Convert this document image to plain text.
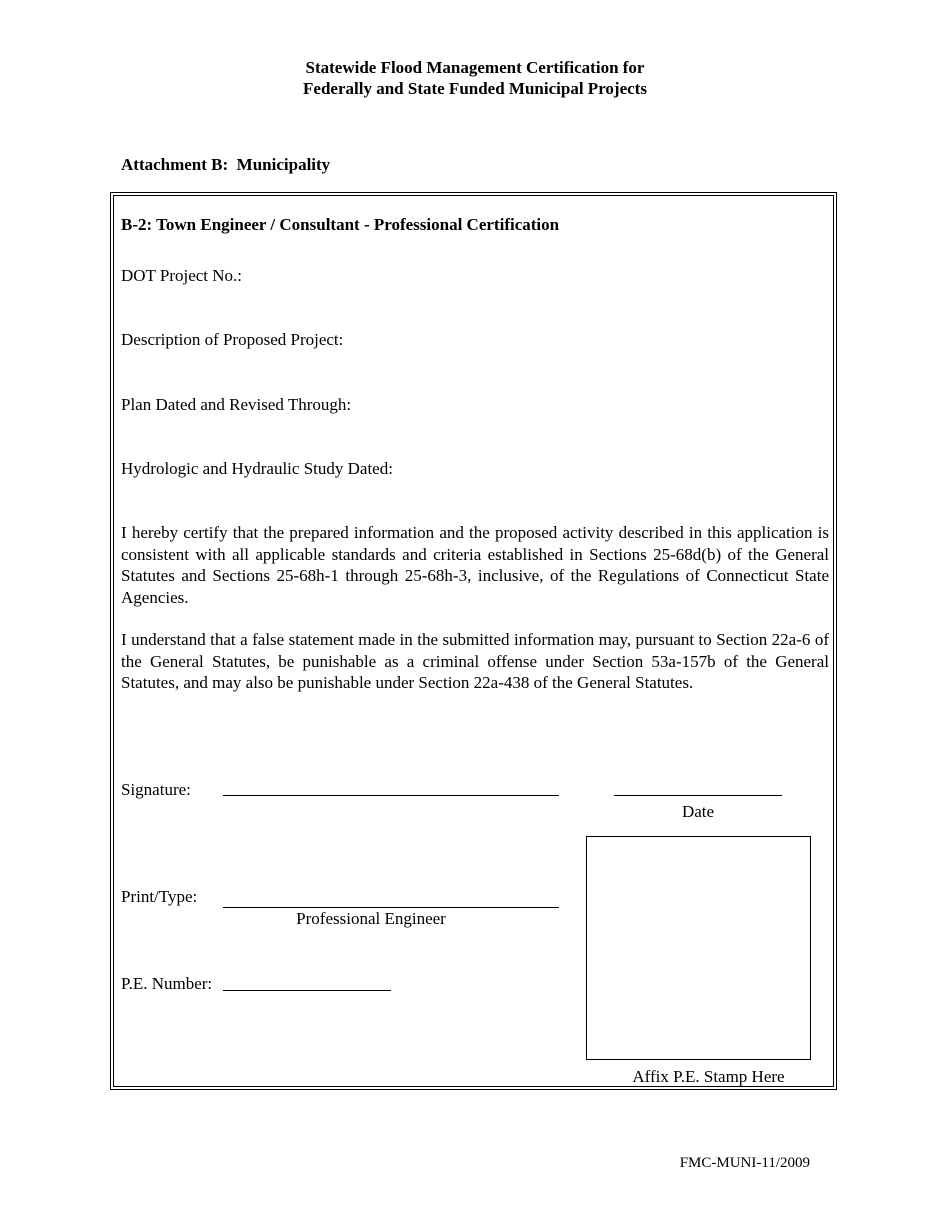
Statewide Flood Management Certification for
Federally and State Funded Municipal Projects
Attachment B:  Municipality
B-2: Town Engineer / Consultant - Professional Certification
DOT Project No.:
Description of Proposed Project:
Plan Dated and Revised Through:
Hydrologic and Hydraulic Study Dated:
I hereby certify that the prepared information and the proposed activity described in this application is consistent with all applicable standards and criteria established in Sections 25-68d(b) of the General Statutes and Sections 25-68h-1 through 25-68h-3, inclusive, of the Regulations of Connecticut State Agencies.
I understand that a false statement made in the submitted information may, pursuant to Section 22a-6 of the General Statutes, be punishable as a criminal offense under Section 53a-157b of the General Statutes, and may also be punishable under Section 22a-438 of the General Statutes.
Signature:
Date
Affix P.E. Stamp Here
Print/Type:
Professional Engineer
P.E. Number:
FMC-MUNI-11/2009
